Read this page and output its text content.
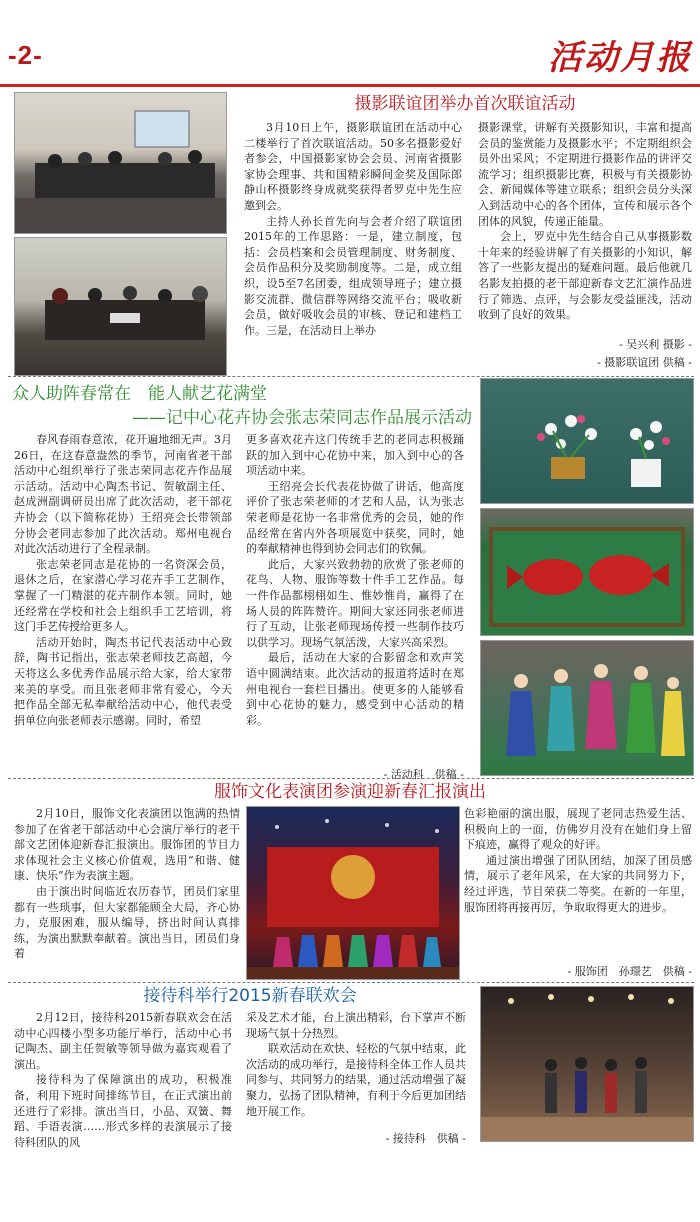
-2-	活动月报
摄影联谊团举办首次联谊活动

3月10日上午，摄影联谊团在活动中心二楼举行了首次联谊活动。50多名摄影爱好者参会，中国摄影家协会会员、河南省摄影家协会理事、共和国精彩瞬间金奖及国际郎静山杯摄影终身成就奖获得者罗克中先生应邀到会。

主持人孙长首先向与会者介绍了联谊团2015年的工作思路：一是，建立制度，包括：会员档案和会员管理制度、财务制度、会员作品积分及奖励制度等。二是，成立组织，设5至7名团委，组成领导班子；建立摄影交流群、微信群等网络交流平台；吸收新会员，做好吸收会员的审核、登记和建档工作。三是，在活动日上举办

摄影课堂，讲解有关摄影知识，丰富和提高会员的鉴赏能力及摄影水平；不定期组织会员外出采风；不定期进行摄影作品的讲评交流学习；组织摄影比赛，积极与有关摄影协会、新闻媒体等建立联系；组织会员分头深入到活动中心的各个团体，宣传和展示各个团体的风貌，传递正能量。

会上，罗克中先生结合自己从事摄影数十年来的经验讲解了有关摄影的小知识，解答了一些影友提出的疑难问题。最后他就几名影友拍摄的老干部迎新春文艺汇演作品进行了筛选、点评，与会影友受益匪浅，活动收到了良好的效果。

- 吴兴利 摄影 -
- 摄影联谊团 供稿 -
众人助阵春常在　能人献艺花满堂
——记中心花卉协会张志荣同志作品展示活动

春风春雨春意浓，花开遍地细无声。3月26日，在这春意盎然的季节，河南省老干部活动中心组织举行了张志荣同志花卉作品展示活动。活动中心陶杰书记、贺敏副主任、赵成洲副调研员出席了此次活动，老干部花卉协会（以下简称花协）王绍亮会长带领部分协会老同志参加了此次活动。郑州电视台对此次活动进行了全程录制。

张志荣老同志是花协的一名资深会员，退休之后，在家潜心学习花卉手工艺制作，掌握了一门精湛的花卉制作本领。同时，她还经常在学校和社会上组织手工艺培训，将这门手艺传授给更多人。

活动开始时，陶杰书记代表活动中心致辞，陶书记指出，张志荣老师技艺高超，今天将这么多优秀作品展示给大家，给大家带来美的享受。而且张老师非常有爱心，今天把作品全部无私奉献给活动中心，他代表受捐单位向张老师表示感谢。同时，希望

更多喜欢花卉这门传统手艺的老同志积极踊跃的加入到中心花协中来，加入到中心的各项活动中来。

王绍亮会长代表花协做了讲话，他高度评价了张志荣老师的才艺和人品，认为张志荣老师是花协一名非常优秀的会员，她的作品经常在省内外各项展览中获奖，同时，她的奉献精神也得到协会同志们的钦佩。

此后，大家兴致勃勃的欣赏了张老师的花鸟、人物、服饰等数十件手工艺作品。每一件作品都栩栩如生、惟妙惟肖，赢得了在场人员的阵阵赞许。期间大家还同张老师进行了互动，让张老师现场传授一些制作技巧以供学习。现场气氛活泼，大家兴高采烈。

最后，活动在大家的合影留念和欢声笑语中圆满结束。此次活动的报道将适时在郑州电视台一套栏目播出。使更多的人能够看到中心花协的魅力，感受到中心活动的精彩。

- 活动科　供稿 -
服饰文化表演团参演迎新春汇报演出

2月10日，服饰文化表演团以饱满的热情参加了在省老干部活动中心会演厅举行的老干部文艺团体迎新春汇报演出。服饰团的节目力求体现社会主义核心价值观，选用“和谐、健康、快乐”作为表演主题。

由于演出时间临近农历春节，团员们家里都有一些琐事，但大家都能顾全大局，齐心协力，克服困难，服从编导，挤出时间认真排练，为演出默默奉献着。演出当日，团员们身着

色彩艳丽的演出服，展现了老同志热爱生活、积极向上的一面，仿佛岁月没有在她们身上留下痕迹，赢得了观众的好评。

通过演出增强了团队团结，加深了团员感情，展示了老年风采，在大家的共同努力下，经过评选，节目荣获二等奖。在新的一年里，服饰团将再接再厉，争取取得更大的进步。

- 服饰团　孙璟艺　供稿 -
接待科举行2015新春联欢会

2月12日，接待科2015新春联欢会在活动中心四楼小型多功能厅举行，活动中心书记陶杰、副主任贺敏等领导做为嘉宾观看了演出。

接待科为了保障演出的成功，积极准备，利用下班时间排练节目，在正式演出前还进行了彩排。演出当日，小品、双簧、舞蹈、手语表演……形式多样的表演展示了接待科团队的风

采及艺术才能，台上演出精彩，台下掌声不断现场气氛十分热烈。

联欢活动在欢快、轻松的气氛中结束，此次活动的成功举行，是接待科全体工作人员共同参与、共同努力的结果，通过活动增强了凝聚力，弘扬了团队精神，有利于今后更加团结地开展工作。

- 接待科　供稿 -
